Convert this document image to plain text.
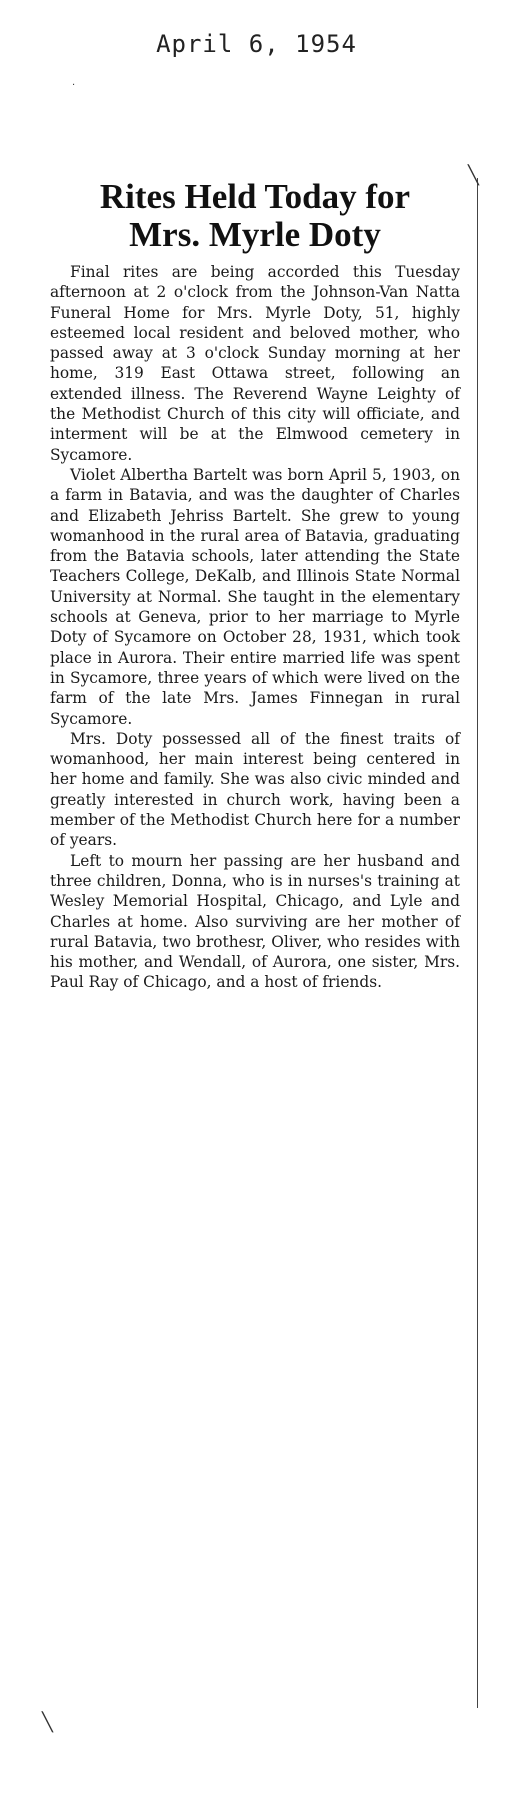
April 6, 1954
Rites Held Today for
Mrs. Myrle Doty

Final rites are being accorded this Tuesday afternoon at 2 o'clock from the Johnson-Van Natta Funeral Home for Mrs. Myrle Doty, 51, highly esteemed local resident and beloved mother, who passed away at 3 o'clock Sunday morning at her home, 319 East Ottawa street, following an extended illness. The Reverend Wayne Leighty of the Methodist Church of this city will officiate, and interment will be at the Elmwood cemetery in Sycamore.

Violet Albertha Bartelt was born April 5, 1903, on a farm in Batavia, and was the daughter of Charles and Elizabeth Jehriss Bartelt. She grew to young womanhood in the rural area of Batavia, graduating from the Batavia schools, later attending the State Teachers College, DeKalb, and Illinois State Normal University at Normal. She taught in the elementary schools at Geneva, prior to her marriage to Myrle Doty of Sycamore on October 28, 1931, which took place in Aurora. Their entire married life was spent in Sycamore, three years of which were lived on the farm of the late Mrs. James Finnegan in rural Sycamore.

Mrs. Doty possessed all of the finest traits of womanhood, her main interest being centered in her home and family. She was also civic minded and greatly interested in church work, having been a member of the Methodist Church here for a number of years.

Left to mourn her passing are her husband and three children, Donna, who is in nurses's training at Wesley Memorial Hospital, Chicago, and Lyle and Charles at home. Also surviving are her mother of rural Batavia, two brothesr, Oliver, who resides with his mother, and Wendall, of Aurora, one sister, Mrs. Paul Ray of Chicago, and a host of friends.

·
╲
╲
